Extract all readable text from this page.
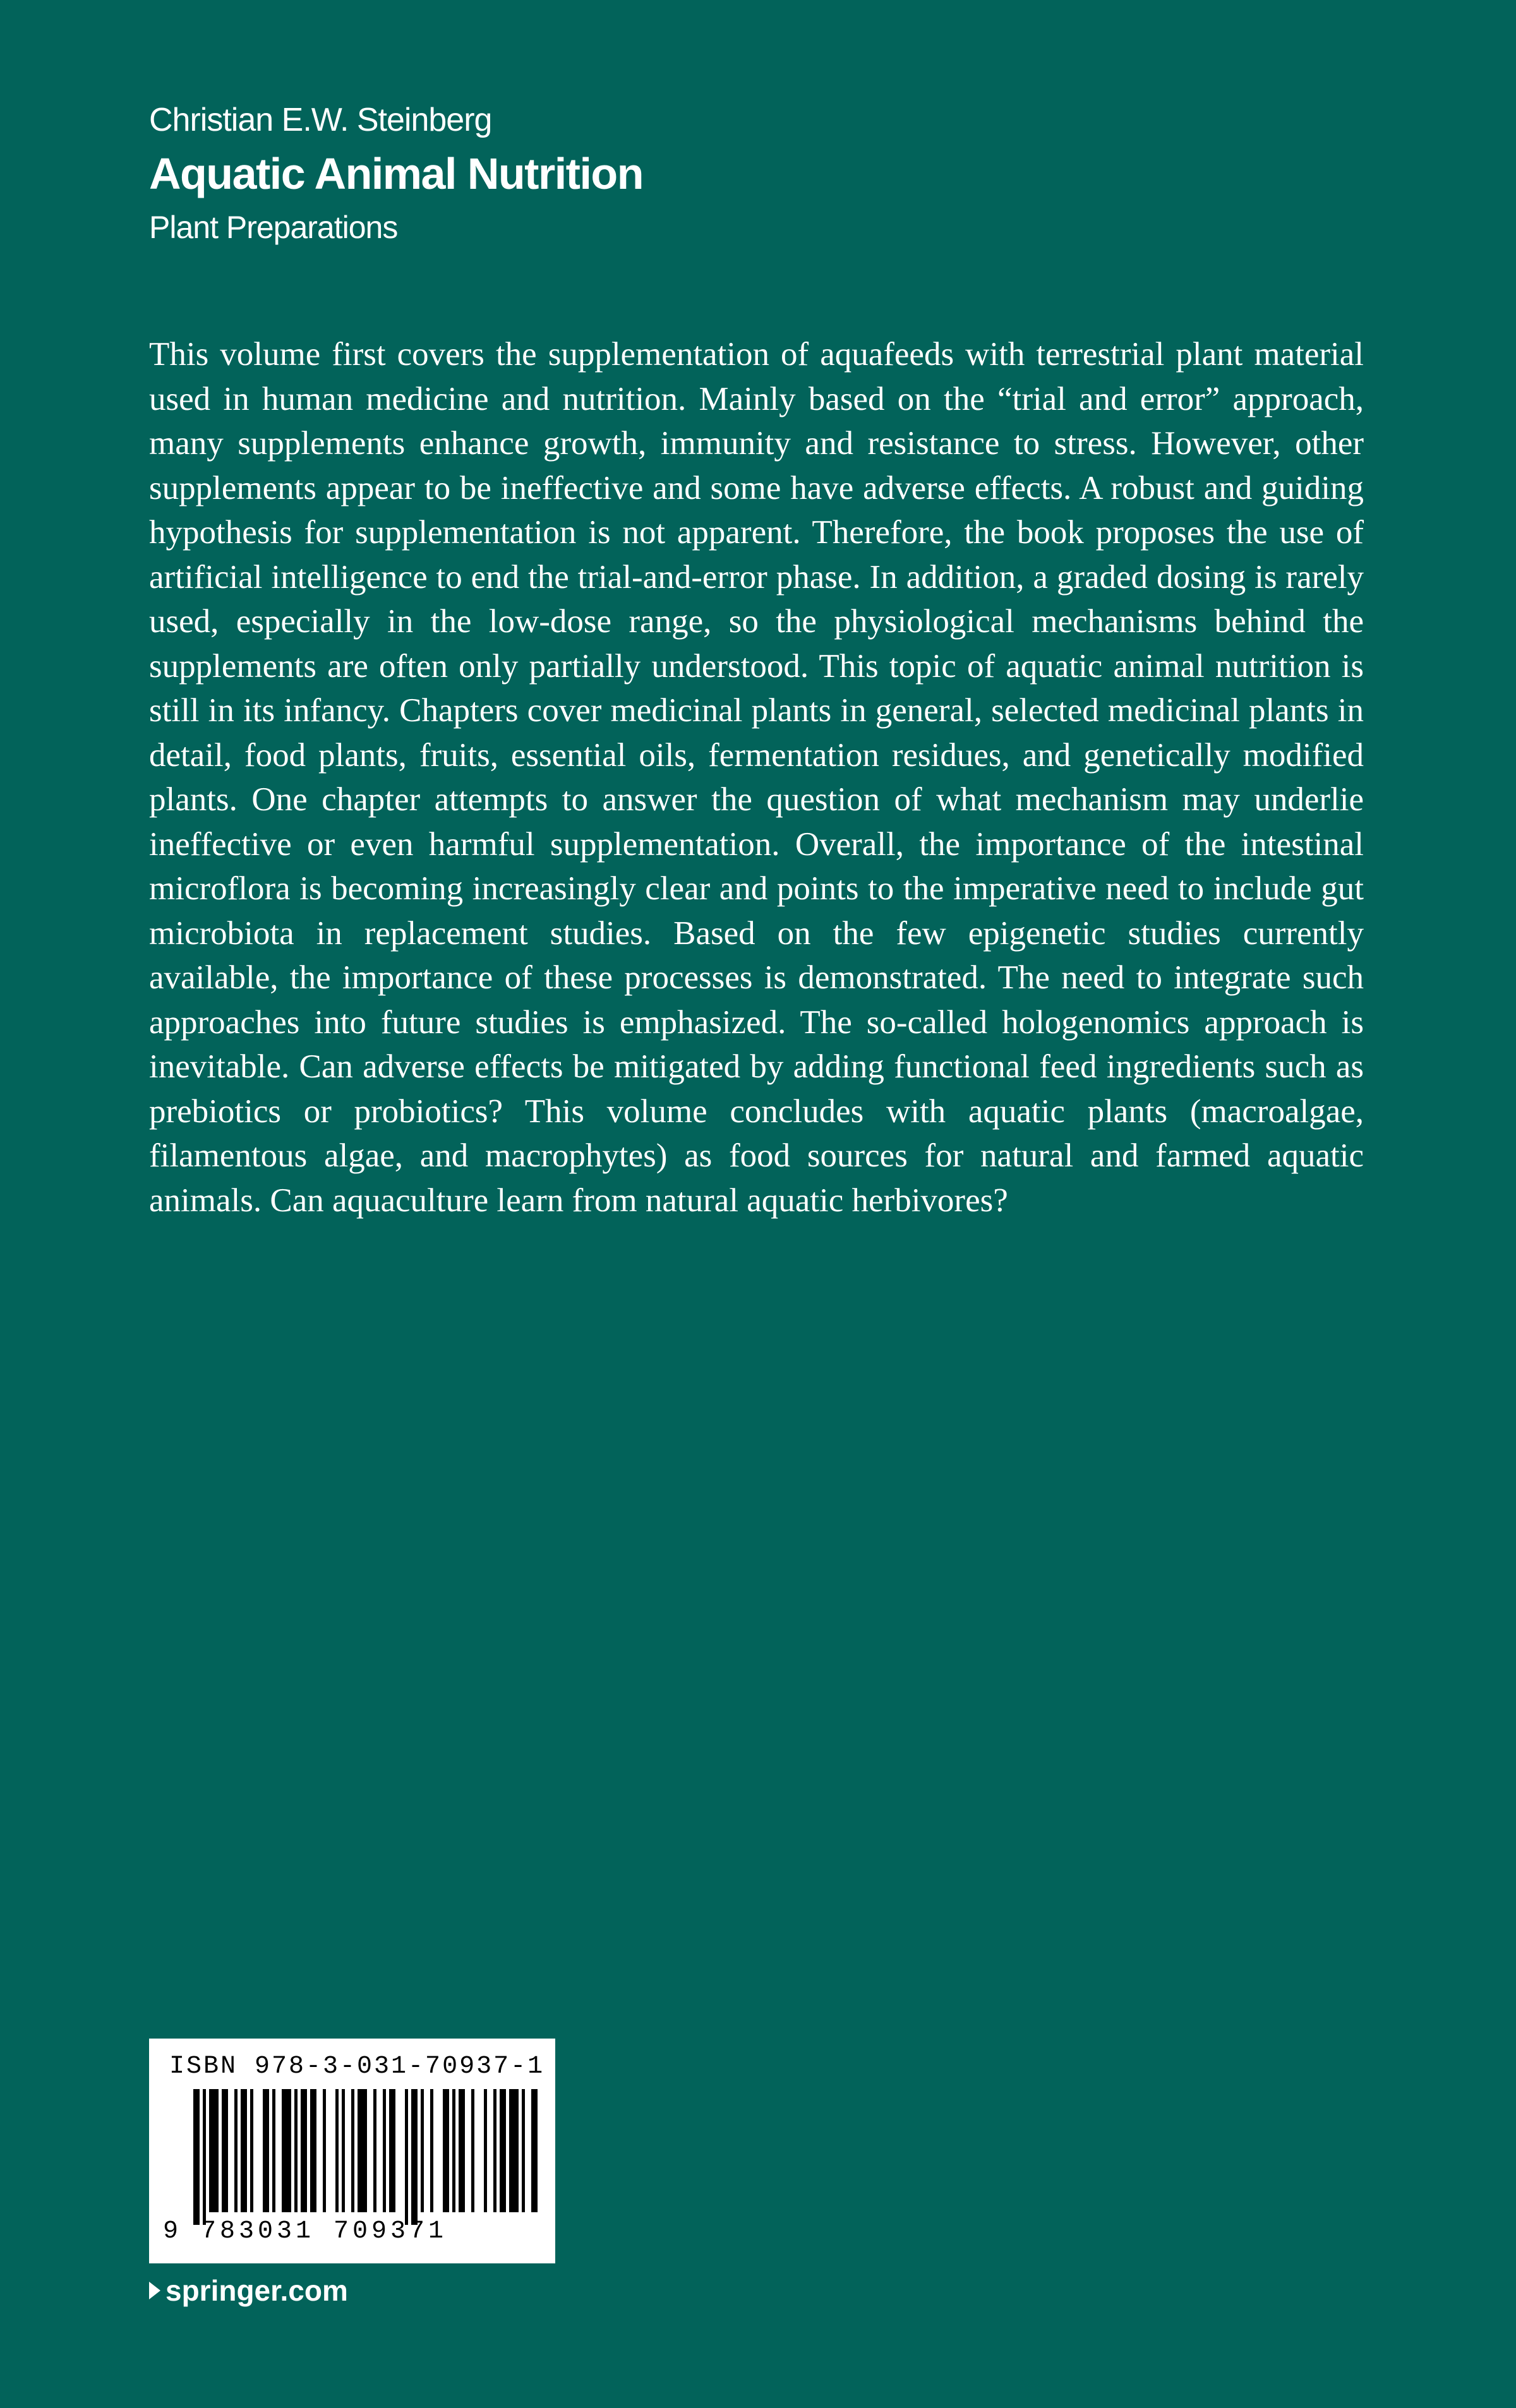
Christian E.W. Steinberg
Aquatic Animal Nutrition
Plant Preparations

This volume first covers the supplementation of aquafeeds with terrestrial plant material used in human medicine and nutrition. Mainly based on the “trial and error” approach, many supplements enhance growth, immunity and resistance to stress. However, other supplements appear to be ineffective and some have adverse effects. A robust and guiding hypothesis for supplementation is not apparent. Therefore, the book proposes the use of artificial intelligence to end the trial-and-error phase. In addition, a graded dosing is rarely used, especially in the low-dose range, so the physiological mechanisms behind the supplements are often only partially understood. This topic of aquatic animal nutrition is still in its infancy. Chapters cover medicinal plants in general, selected medicinal plants in detail, food plants, fruits, essential oils, fermentation residues, and genetically modified plants. One chapter attempts to answer the question of what mechanism may underlie ineffective or even harmful supplementation. Overall, the importance of the intestinal microflora is becoming increasingly clear and points to the imperative need to include gut microbiota in replacement studies. Based on the few epigenetic studies currently available, the importance of these processes is demonstrated. The need to integrate such approaches into future studies is emphasized. The so-called hologenomics approach is inevitable. Can adverse effects be mitigated by adding functional feed ingredients such as prebiotics or probiotics? This volume concludes with aquatic plants (macroalgae, filamentous algae, and macrophytes) as food sources for natural and farmed aquatic animals. Can aquaculture learn from natural aquatic herbivores?

ISBN 978-3-031-70937-1
9 783031 709371
springer.com
